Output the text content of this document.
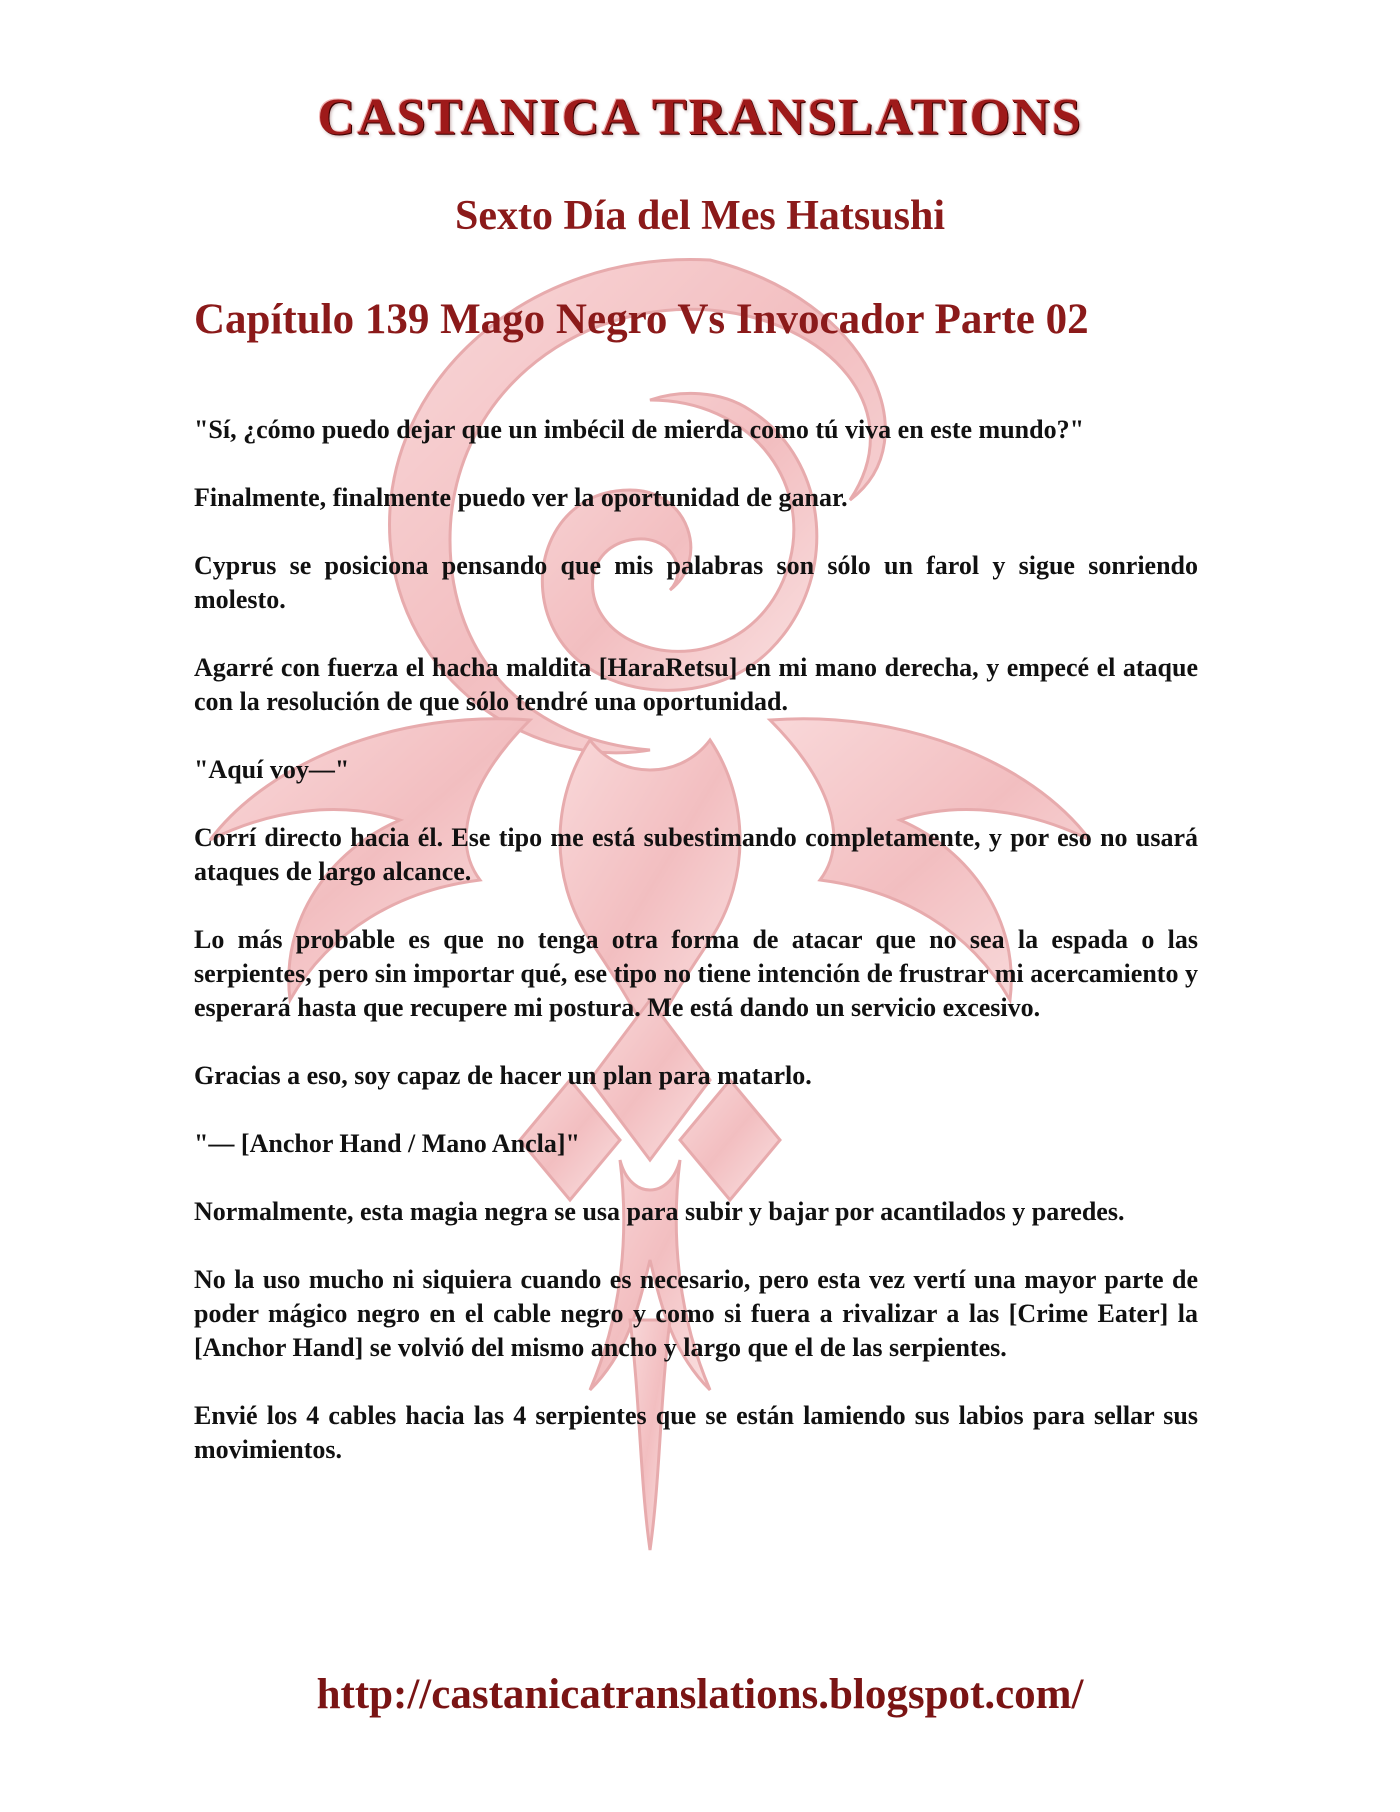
CASTANICA TRANSLATIONS
Sexto Día del Mes Hatsushi
Capítulo 139 Mago Negro Vs Invocador Parte 02

"Sí, ¿cómo puedo dejar que un imbécil de mierda como tú viva en este mundo?"

Finalmente, finalmente puedo ver la oportunidad de ganar.

Cyprus se posiciona pensando que mis palabras son sólo un farol y sigue sonriendo molesto.

Agarré con fuerza el hacha maldita [HaraRetsu] en mi mano derecha, y empecé el ataque con la resolución de que sólo tendré una oportunidad.

"Aquí voy—"

Corrí directo hacia él. Ese tipo me está subestimando completamente, y por eso no usará ataques de largo alcance.

Lo más probable es que no tenga otra forma de atacar que no sea la espada o las serpientes, pero sin importar qué, ese tipo no tiene intención de frustrar mi acercamiento y esperará hasta que recupere mi postura. Me está dando un servicio excesivo.

Gracias a eso, soy capaz de hacer un plan para matarlo.

"— [Anchor Hand / Mano Ancla]"

Normalmente, esta magia negra se usa para subir y bajar por acantilados y paredes.

No la uso mucho ni siquiera cuando es necesario, pero esta vez vertí una mayor parte de poder mágico negro en el cable negro y como si fuera a rivalizar a las [Crime Eater] la [Anchor Hand] se volvió del mismo ancho y largo que el de las serpientes.

Envié los 4 cables hacia las 4 serpientes que se están lamiendo sus labios para sellar sus movimientos.

http://castanicatranslations.blogspot.com/
